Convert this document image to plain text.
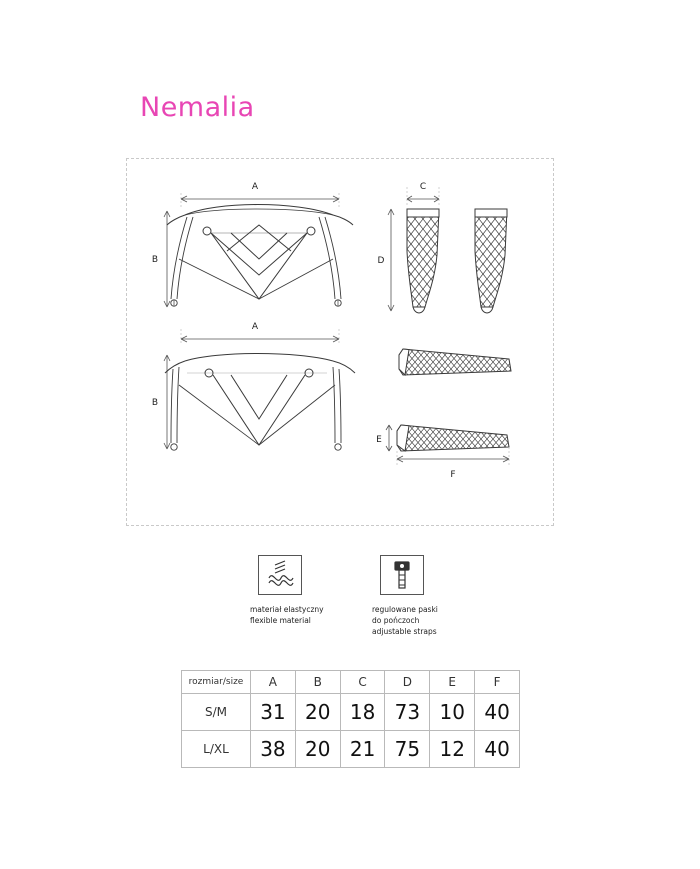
Nemalia
A
B
A
B
C
D
E
F
materiał elastyczny
flexible material
regulowane paski
do pończoch
adjustable straps
rozmiar/size	A	B	C	D	E	F
S/M	31	20	18	73	10	40
L/XL	38	20	21	75	12	40
